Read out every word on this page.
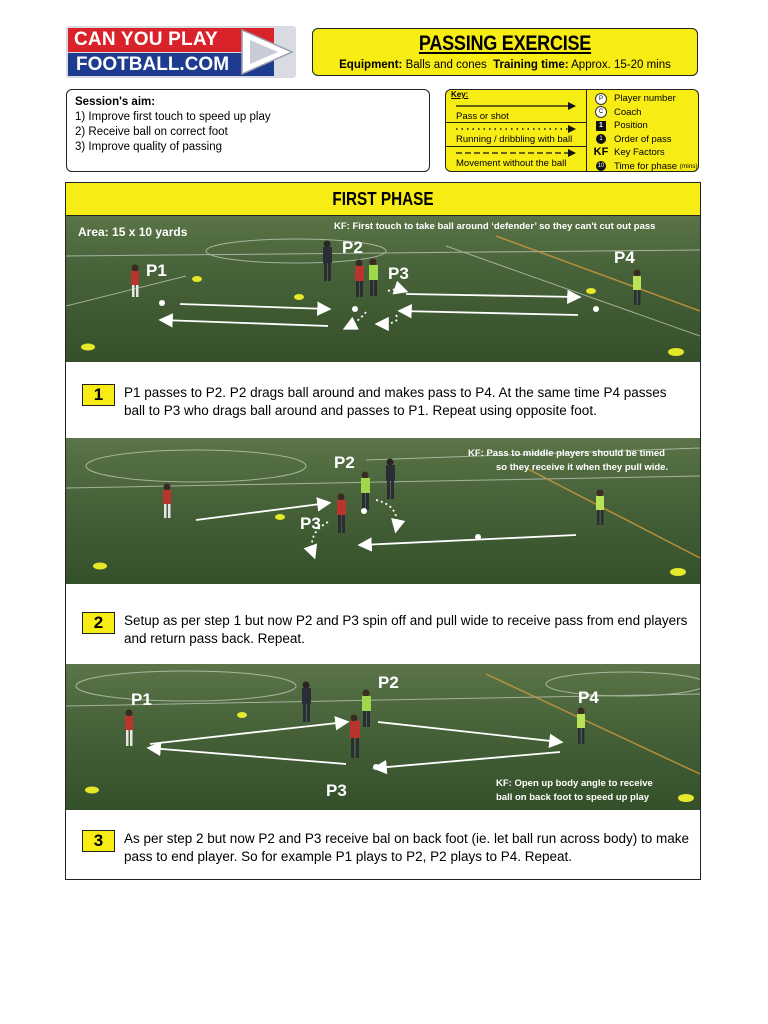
CAN YOU PLAY
FOOTBALL.COM
PASSING EXERCISE
Equipment: Balls and cones Training time: Approx. 15-20 mins
Session's aim:
1) Improve first touch to speed up play
2) Receive ball on correct foot
3) Improve quality of passing
Key:
Pass or shot
Running / dribbling with ball
Movement without the ball
P	Player number
C	Coach
1	Position
1	Order of pass
KF Key Factors
10 Time for phase
(mins)
FIRST PHASE
Area: 15 x 10 yards	KF: First touch to take ball around ‘defender’ so they can't cut out pass
P1
P2
P3
P4
1	P1 passes to P2. P2 drags ball around and makes pass to P4. At the same time P4 passes ball to P3 who drags ball around and passes to P1. Repeat using opposite foot.
KF: Pass to middle players should be timed
so they receive it when they pull wide.
P2
P3
2	Setup as per step 1 but now P2 and P3 spin off and pull wide to receive pass from end players and return pass back. Repeat.
KF: Open up body angle to receive
ball on back foot to speed up play
P1
P2
P4
P3
3	As per step 2 but now P2 and P3 receive bal on back foot (ie. let ball run across body) to make pass to end player. So for example P1 plays to P2, P2 plays to P4. Repeat.
